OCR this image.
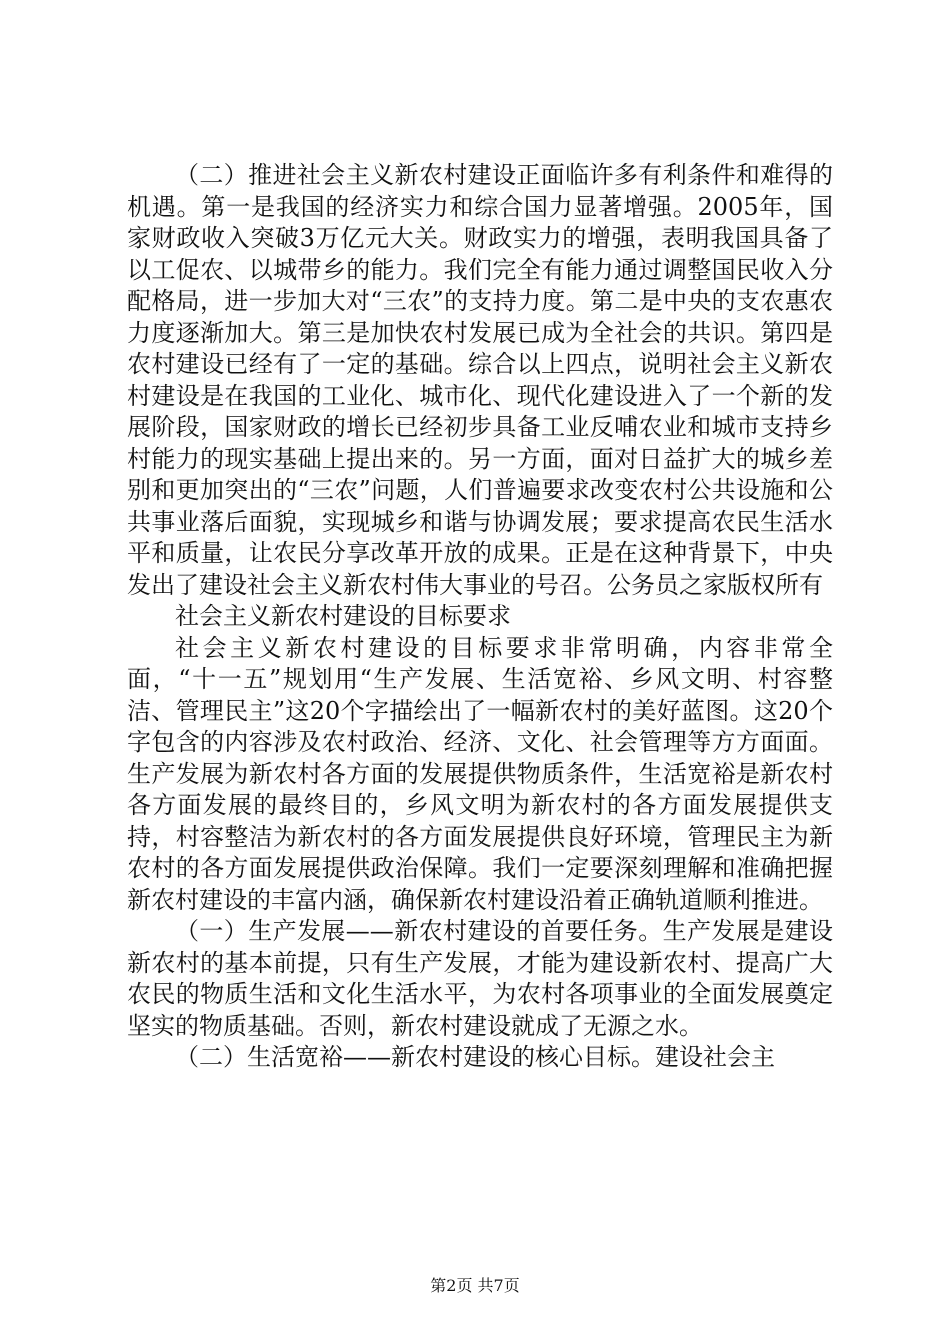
（二）推进社会主义新农村建设正面临许多有利条件和难得的机遇。第一是我国的经济实力和综合国力显著增强。2005年，国家财政收入突破3万亿元大关。财政实力的增强，表明我国具备了以工促农、以城带乡的能力。我们完全有能力通过调整国民收入分配格局，进一步加大对“三农”的支持力度。第二是中央的支农惠农力度逐渐加大。第三是加快农村发展已成为全社会的共识。第四是农村建设已经有了一定的基础。综合以上四点，说明社会主义新农村建设是在我国的工业化、城市化、现代化建设进入了一个新的发展阶段，国家财政的增长已经初步具备工业反哺农业和城市支持乡村能力的现实基础上提出来的。另一方面，面对日益扩大的城乡差别和更加突出的“三农”问题，人们普遍要求改变农村公共设施和公共事业落后面貌，实现城乡和谐与协调发展；要求提高农民生活水平和质量，让农民分享改革开放的成果。正是在这种背景下，中央发出了建设社会主义新农村伟大事业的号召。公务员之家版权所有

社会主义新农村建设的目标要求

社会主义新农村建设的目标要求非常明确，内容非常全面，“十一五”规划用“生产发展、生活宽裕、乡风文明、村容整洁、管理民主”这20个字描绘出了一幅新农村的美好蓝图。这20个字包含的内容涉及农村政治、经济、文化、社会管理等方方面面。生产发展为新农村各方面的发展提供物质条件，生活宽裕是新农村各方面发展的最终目的，乡风文明为新农村的各方面发展提供支持，村容整洁为新农村的各方面发展提供良好环境，管理民主为新农村的各方面发展提供政治保障。我们一定要深刻理解和准确把握新农村建设的丰富内涵，确保新农村建设沿着正确轨道顺利推进。

（一）生产发展——新农村建设的首要任务。生产发展是建设新农村的基本前提，只有生产发展，才能为建设新农村、提高广大农民的物质生活和文化生活水平，为农村各项事业的全面发展奠定坚实的物质基础。否则，新农村建设就成了无源之水。

（二）生活宽裕——新农村建设的核心目标。建设社会主

第2页 共7页
